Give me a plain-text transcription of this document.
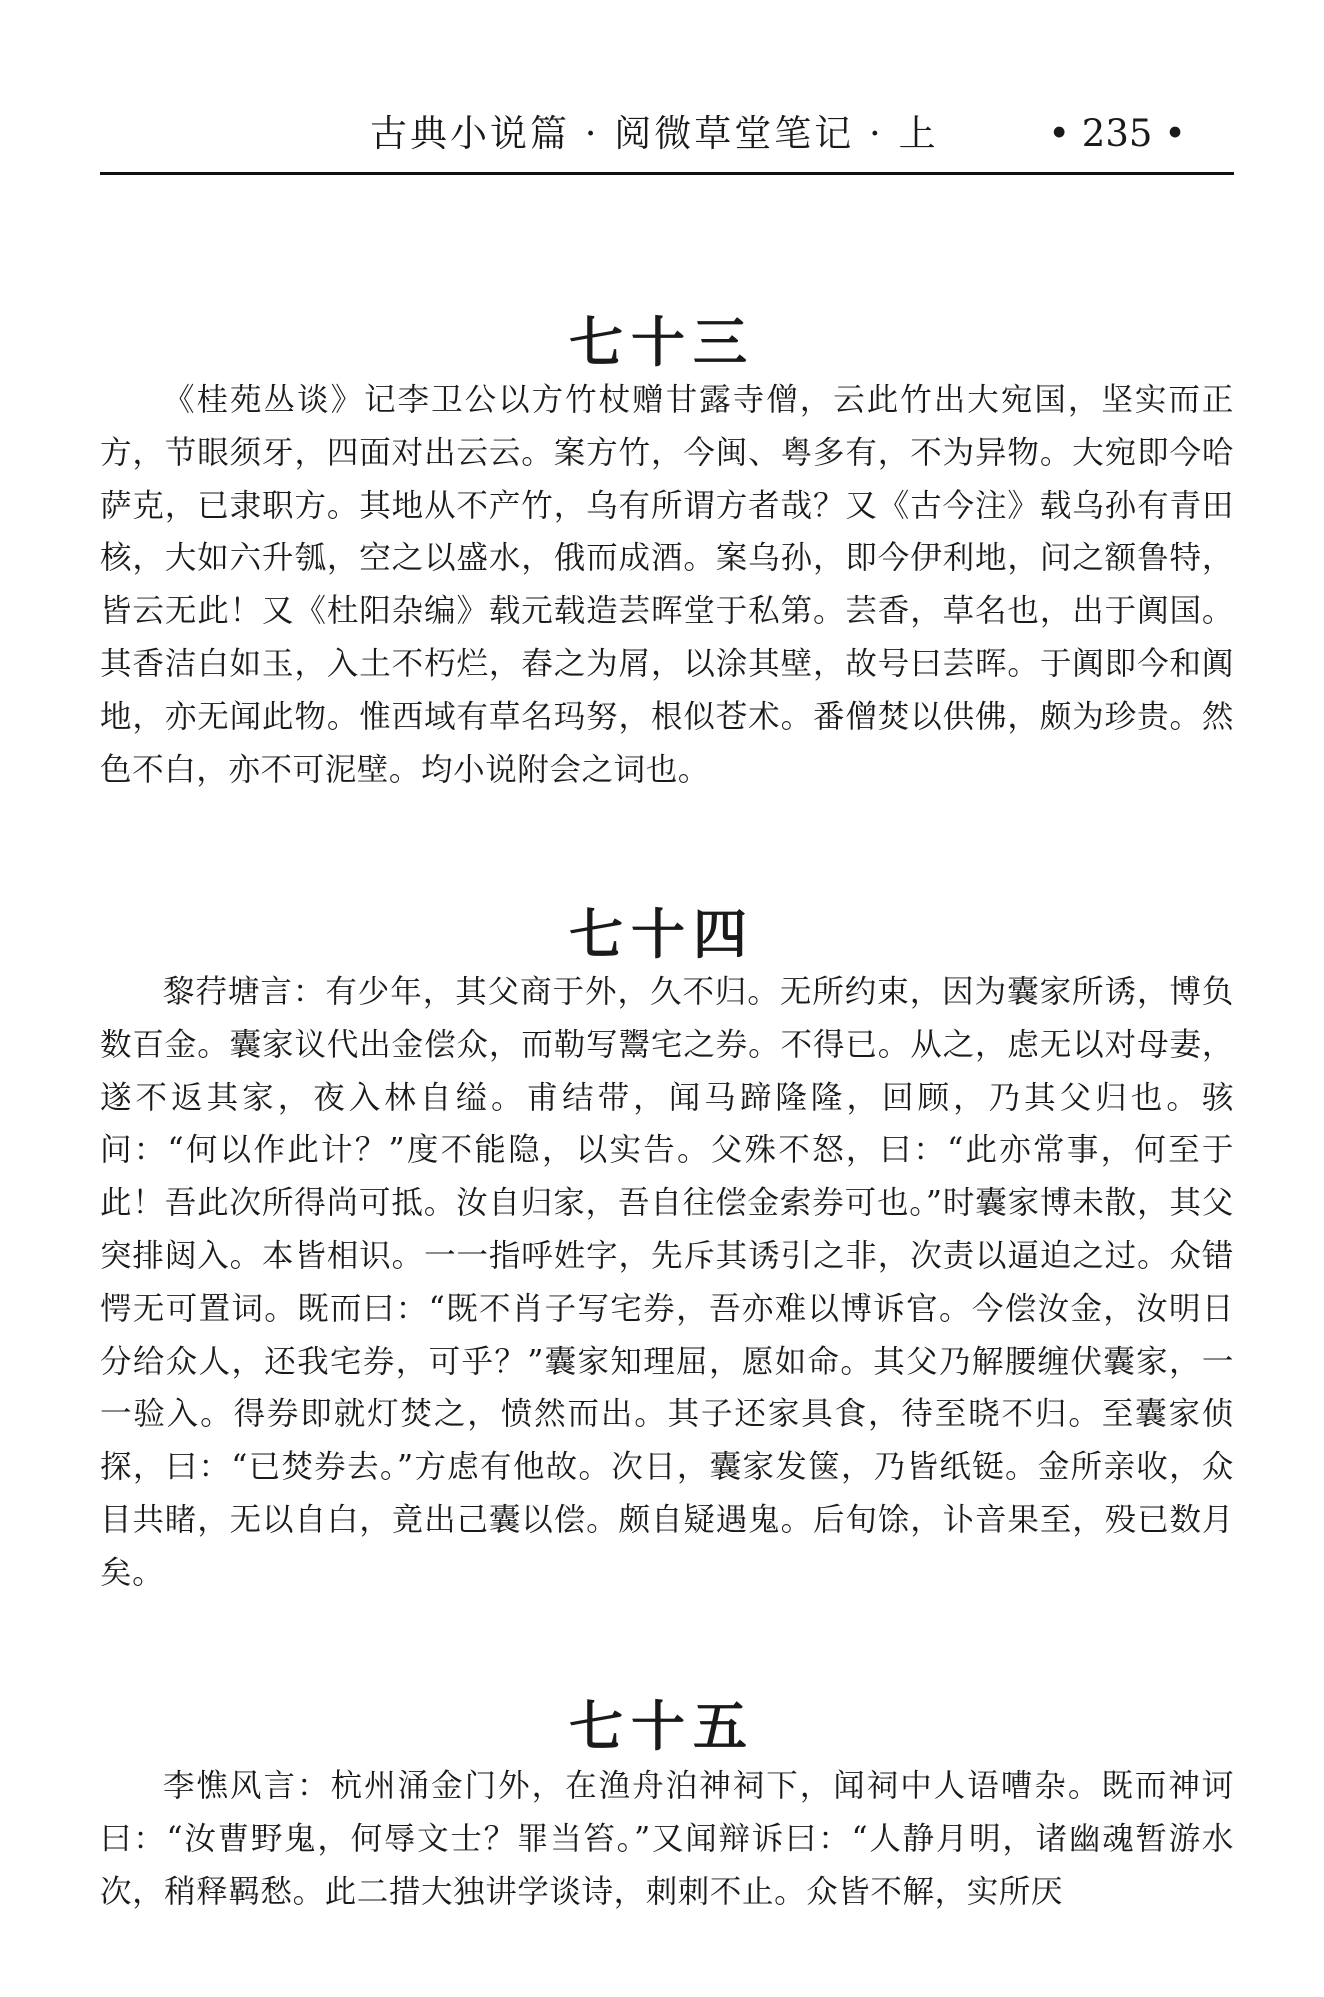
古典小说篇 · 阅微草堂笔记 · 上	• 235 •
七十三

《桂苑丛谈》记李卫公以方竹杖赠甘露寺僧，云此竹出大宛国，坚实而正方，节眼须牙，四面对出云云。案方竹，今闽、粤多有，不为异物。大宛即今哈萨克，已隶职方。其地从不产竹，乌有所谓方者哉？又《古今注》载乌孙有青田核，大如六升瓠，空之以盛水，俄而成酒。案乌孙，即今伊利地，问之额鲁特，皆云无此！又《杜阳杂编》载元载造芸晖堂于私第。芸香，草名也，出于阗国。其香洁白如玉，入土不朽烂，舂之为屑，以涂其壁，故号曰芸晖。于阗即今和阗地，亦无闻此物。惟西域有草名玛努，根似苍术。番僧焚以供佛，颇为珍贵。然色不白，亦不可泥壁。均小说附会之词也。

七十四

黎荇塘言：有少年，其父商于外，久不归。无所约束，因为囊家所诱，博负数百金。囊家议代出金偿众，而勒写鬻宅之券。不得已。从之，虑无以对母妻，遂不返其家，夜入林自缢。甫结带，闻马蹄隆隆，回顾，乃其父归也。骇问：“何以作此计？”度不能隐，以实告。父殊不怒，曰：“此亦常事，何至于此！吾此次所得尚可抵。汝自归家，吾自往偿金索券可也。”时囊家博未散，其父突排闼入。本皆相识。一一指呼姓字，先斥其诱引之非，次责以逼迫之过。众错愕无可置词。既而曰：“既不肖子写宅券，吾亦难以博诉官。今偿汝金，汝明日分给众人，还我宅券，可乎？”囊家知理屈，愿如命。其父乃解腰缠伏囊家，一一验入。得券即就灯焚之，愤然而出。其子还家具食，待至晓不归。至囊家侦探，曰：“已焚券去。”方虑有他故。次日，囊家发箧，乃皆纸铤。金所亲收，众目共睹，无以自白，竟出己囊以偿。颇自疑遇鬼。后旬馀，讣音果至，殁已数月矣。

七十五

李憔风言：杭州涌金门外，在渔舟泊神祠下，闻祠中人语嘈杂。既而神诃曰：“汝曹野鬼，何辱文士？罪当笞。”又闻辩诉曰：“人静月明，诸幽魂暂游水次，稍释羁愁。此二措大独讲学谈诗，刺刺不止。众皆不解，实所厌
